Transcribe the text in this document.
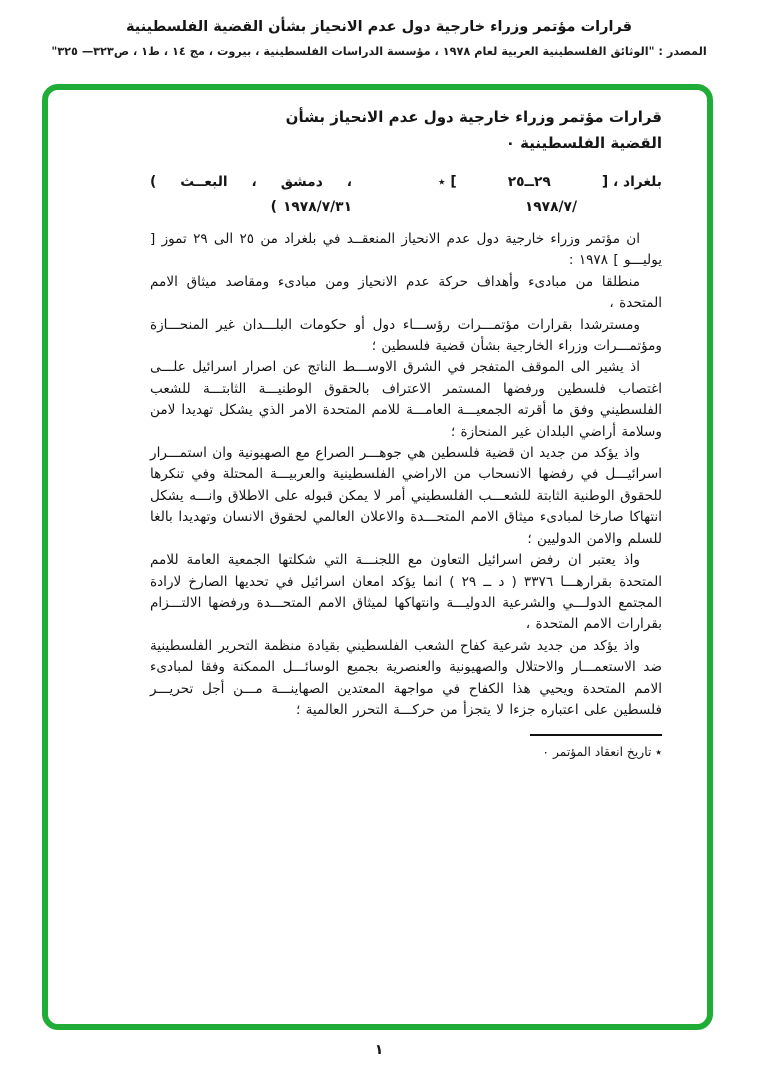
قرارات مؤتمر وزراء خارجية دول عدم الانحياز بشأن القضية الفلسطينية
المصدر : "الوثائق الفلسطينية العربية لعام ١٩٧٨ ، مؤسسة الدراسات الفلسطينية ، بيروت ، مج ١٤ ، ط١ ، ص٣٢٣— ٣٢٥"
قرارات مؤتمر وزراء خارجية دول عدم الانحياز بشأن
القضية الفلسطينية ٠
( البعــث ، دمشق ،
( ١٩٧٨/٧/٣١
بلغراد ، [
٢٥ــ٢٩
] ٭
١٩٧٨/٧/

ان مؤتمر وزراء خارجية دول عدم الانحياز المنعقــد في بلغراد من ٢٥ الى ٢٩ تموز [ يوليـــو ] ١٩٧٨ :

منطلقا من مبادىء وأهداف حركة عدم الانحياز ومن مبادىء ومقاصد ميثاق الامم المتحدة ،

ومسترشدا بقرارات مؤتمـــرات رؤســـاء دول أو حكومات البلـــدان غير المنحـــازة ومؤتمـــرات وزراء الخارجية بشأن قضية فلسطين ؛

اذ يشير الى الموقف المتفجر في الشرق الاوســـط الناتج عن اصرار اسرائيل علـــى اغتصاب فلسطين ورفضها المستمر الاعتراف بالحقوق الوطنيـــة الثابتـــة للشعب الفلسطيني وفق ما أقرته الجمعيـــة العامـــة للامم المتحدة الامر الذي يشكل تهديدا لامن وسلامة أراضي البلدان غير المنحازة ؛

واذ يؤكد من جديد ان قضية فلسطين هي جوهـــر الصراع مع الصهيونية وان استمـــرار اسرائيـــل في رفضها الانسحاب من الاراضي الفلسطينية والعربيـــة المحتلة وفي تنكرها للحقوق الوطنية الثابتة للشعـــب الفلسطيني أمر لا يمكن قبوله على الاطلاق وانـــه يشكل انتهاكا صارخا لمبادىء ميثاق الامم المتحـــدة والاعلان العالمي لحقوق الانسان وتهديدا بالغا للسلم والامن الدوليين ؛

واذ يعتبر ان رفض اسرائيل التعاون مع اللجنـــة التي شكلتها الجمعية العامة للامم المتحدة بقرارهـــا ٣٣٧٦ ( د ــ ٢٩ ) انما يؤكد امعان اسرائيل في تحديها الصارخ لارادة المجتمع الدولـــي والشرعية الدوليـــة وانتهاكها لميثاق الامم المتحـــدة ورفضها الالتـــزام بقرارات الامم المتحدة ،

واذ يؤكد من جديد شرعية كفاح الشعب الفلسطيني بقيادة منظمة التحرير الفلسطينية ضد الاستعمـــار والاحتلال والصهيونية والعنصرية بجميع الوسائـــل الممكنة وفقا لمبادىء الامم المتحدة ويحيي هذا الكفاح في مواجهة المعتدين الصهاينـــة مـــن أجل تحريـــر فلسطين على اعتباره جزءا لا يتجزأ من حركـــة التحرر العالمية ؛

٭ تاريخ انعقاد المؤتمر ٠
١
